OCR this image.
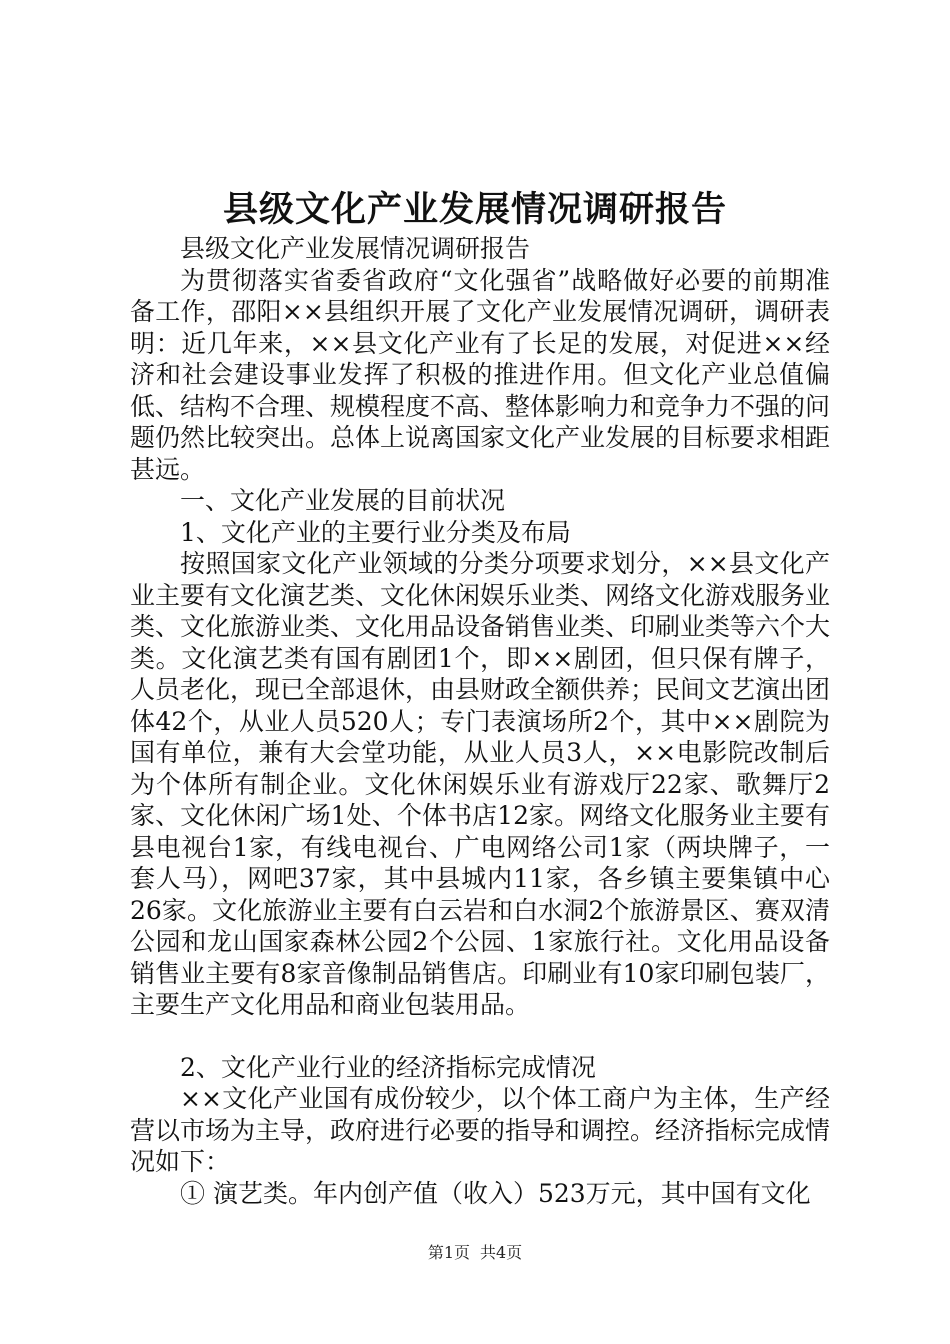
县级文化产业发展情况调研报告

县级文化产业发展情况调研报告

为贯彻落实省委省政府“文化强省”战略做好必要的前期准备工作，邵阳××县组织开展了文化产业发展情况调研，调研表明：近几年来，××县文化产业有了长足的发展，对促进××经济和社会建设事业发挥了积极的推进作用。但文化产业总值偏低、结构不合理、规模程度不高、整体影响力和竞争力不强的问题仍然比较突出。总体上说离国家文化产业发展的目标要求相距甚远。

一、文化产业发展的目前状况

1、文化产业的主要行业分类及布局

按照国家文化产业领域的分类分项要求划分，××县文化产业主要有文化演艺类、文化休闲娱乐业类、网络文化游戏服务业类、文化旅游业类、文化用品设备销售业类、印刷业类等六个大类。文化演艺类有国有剧团1个，即××剧团，但只保有牌子，人员老化，现已全部退休，由县财政全额供养；民间文艺演出团体42个，从业人员520人；专门表演场所2个，其中××剧院为国有单位，兼有大会堂功能，从业人员3人，××电影院改制后为个体所有制企业。文化休闲娱乐业有游戏厅22家、歌舞厅2家、文化休闲广场1处、个体书店12家。网络文化服务业主要有县电视台1家，有线电视台、广电网络公司1家（两块牌子，一套人马），网吧37家，其中县城内11家，各乡镇主要集镇中心26家。文化旅游业主要有白云岩和白水洞2个旅游景区、赛双清公园和龙山国家森林公园2个公园、1家旅行社。文化用品设备销售业主要有8家音像制品销售店。印刷业有10家印刷包装厂，主要生产文化用品和商业包装用品。

2、文化产业行业的经济指标完成情况

××文化产业国有成份较少，以个体工商户为主体，生产经营以市场为主导，政府进行必要的指导和调控。经济指标完成情况如下：

① 演艺类。年内创产值（收入）523万元，其中国有文化

第1页 共4页
